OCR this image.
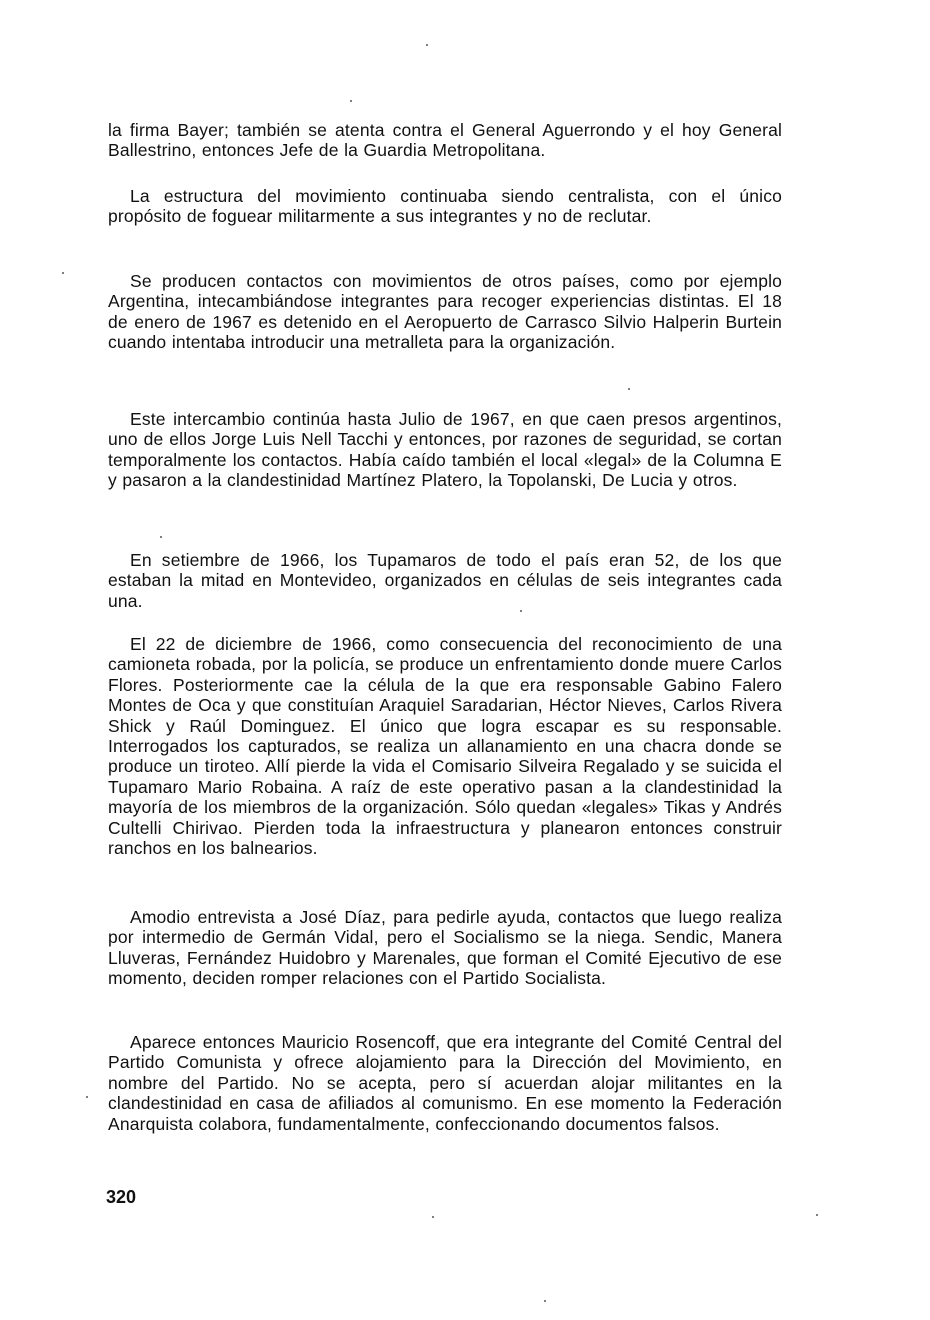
la firma Bayer; también se atenta contra el General Aguerrondo y el hoy General Ballestrino, entonces Jefe de la Guardia Metropolitana.

La estructura del movimiento continuaba siendo centralista, con el único propósito de foguear militarmente a sus integrantes y no de reclutar.

Se producen contactos con movimientos de otros países, como por ejemplo Argentina, intecambiándose integrantes para recoger experiencias distintas. El 18 de enero de 1967 es detenido en el Aeropuerto de Carrasco Silvio Halperin Burtein cuando intentaba introducir una metralleta para la organización.

Este intercambio continúa hasta Julio de 1967, en que caen presos argentinos, uno de ellos Jorge Luis Nell Tacchi y entonces, por razones de seguridad, se cortan temporalmente los contactos. Había caído también el local «legal» de la Columna E y pasaron a la clandestinidad Martínez Platero, la Topolanski, De Lucia y otros.

En setiembre de 1966, los Tupamaros de todo el país eran 52, de los que estaban la mitad en Montevideo, organizados en células de seis integrantes cada una.

El 22 de diciembre de 1966, como consecuencia del reconocimiento de una camioneta robada, por la policía, se produce un enfrentamiento donde muere Carlos Flores. Posteriormente cae la célula de la que era responsable Gabino Falero Montes de Oca y que constituían Araquiel Saradarian, Héctor Nieves, Carlos Rivera Shick y Raúl Dominguez. El único que logra escapar es su responsable. Interrogados los capturados, se realiza un allanamiento en una chacra donde se produce un tiroteo. Allí pierde la vida el Comisario Silveira Regalado y se suicida el Tupamaro Mario Robaina. A raíz de este operativo pasan a la clandestinidad la mayoría de los miembros de la organización. Sólo quedan «legales» Tikas y Andrés Cultelli Chirivao. Pierden toda la infraestructura y planearon entonces construir ranchos en los balnearios.

Amodio entrevista a José Díaz, para pedirle ayuda, contactos que luego realiza por intermedio de Germán Vidal, pero el Socialismo se la niega. Sendic, Manera Lluveras, Fernández Huidobro y Marenales, que forman el Comité Ejecutivo de ese momento, deciden romper relaciones con el Partido Socialista.

Aparece entonces Mauricio Rosencoff, que era integrante del Comité Central del Partido Comunista y ofrece alojamiento para la Dirección del Movimiento, en nombre del Partido. No se acepta, pero sí acuerdan alojar militantes en la clandestinidad en casa de afiliados al comunismo. En ese momento la Federación Anarquista colabora, fundamentalmente, confeccionando documentos falsos.

320
